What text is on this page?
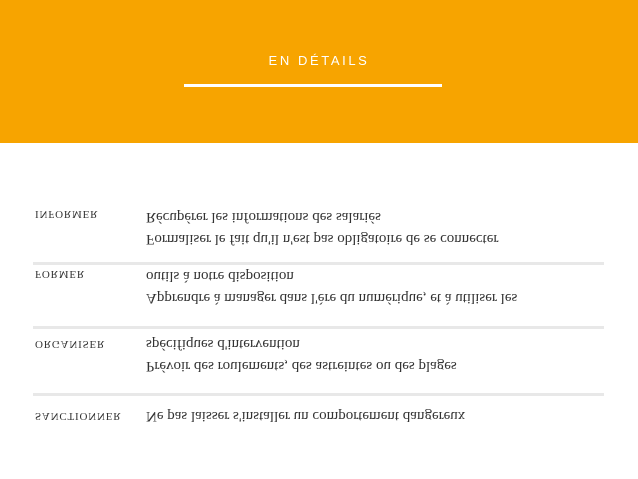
EN DÉTAILS
INFORMER
Formaliser le fait qu'il n'est pas obligatoire de se connecter
Récupérer les informations des salariés
FORMER
Apprendre à manager dans l'ère du numérique, et à utiliser les
outils à notre disposition
ORGANISER
Prévoir des roulements, des astreintes ou des plages
spécifiques d'intervention
SANCTIONNER	Ne pas laisser s'installer un comportement dangereux
